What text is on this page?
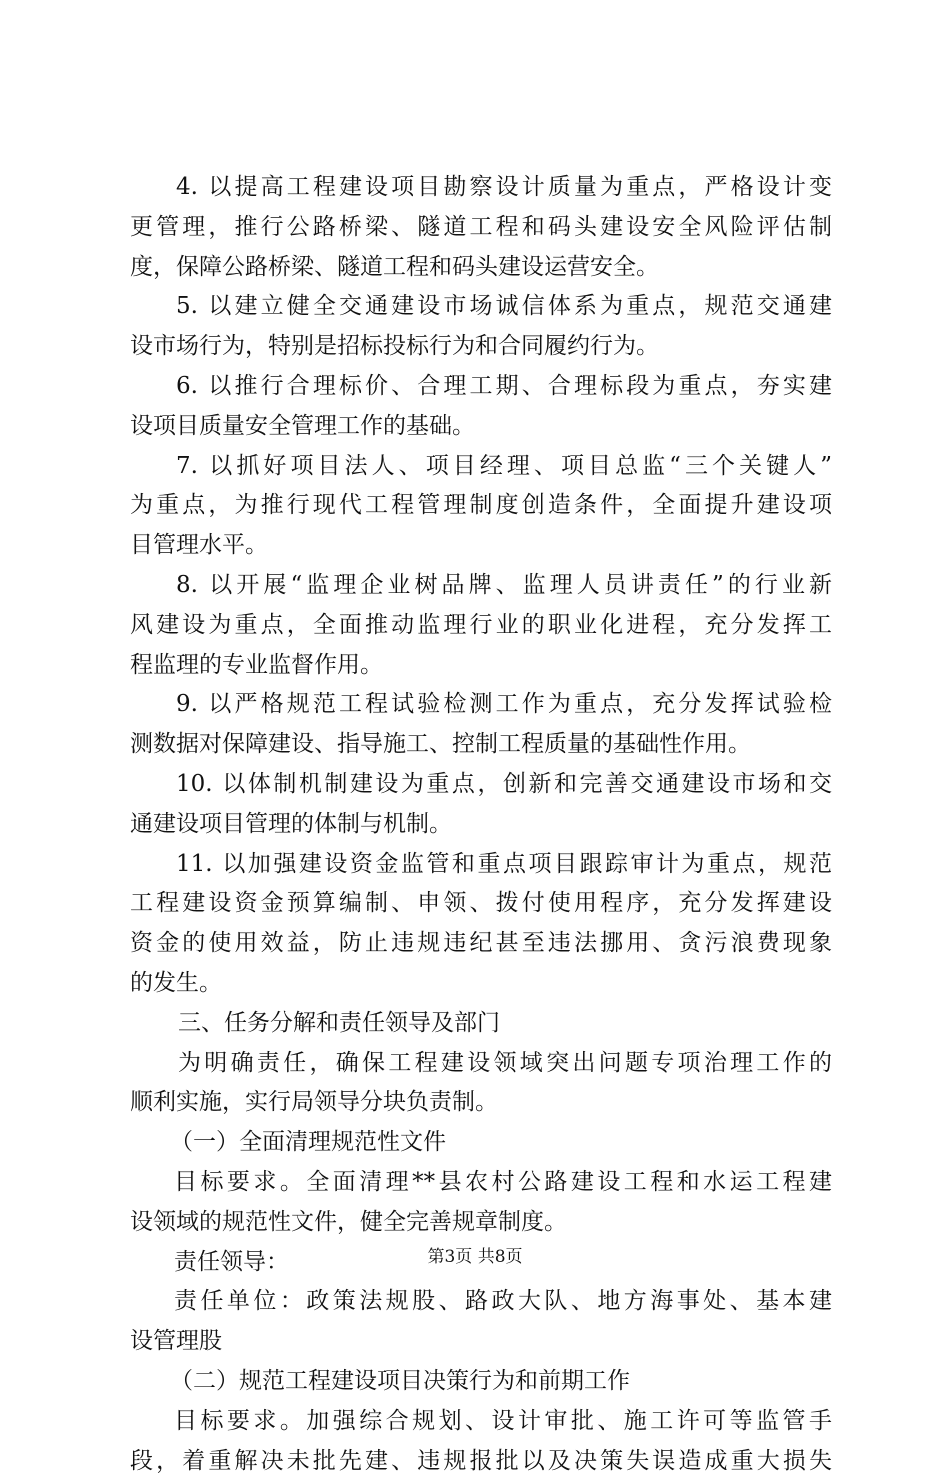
4. 以提高工程建设项目勘察设计质量为重点，严格设计变
更管理，推行公路桥梁、隧道工程和码头建设安全风险评估制
度，保障公路桥梁、隧道工程和码头建设运营安全。
5. 以建立健全交通建设市场诚信体系为重点，规范交通建
设市场行为，特别是招标投标行为和合同履约行为。
6. 以推行合理标价、合理工期、合理标段为重点，夯实建
设项目质量安全管理工作的基础。
7. 以抓好项目法人、项目经理、项目总监“三个关键人”
为重点，为推行现代工程管理制度创造条件，全面提升建设项
目管理水平。
8. 以开展“监理企业树品牌、监理人员讲责任”的行业新
风建设为重点，全面推动监理行业的职业化进程，充分发挥工
程监理的专业监督作用。
9. 以严格规范工程试验检测工作为重点，充分发挥试验检
测数据对保障建设、指导施工、控制工程质量的基础性作用。
10. 以体制机制建设为重点，创新和完善交通建设市场和交
通建设项目管理的体制与机制。
11. 以加强建设资金监管和重点项目跟踪审计为重点，规范
工程建设资金预算编制、申领、拨付使用程序，充分发挥建设
资金的使用效益，防止违规违纪甚至违法挪用、贪污浪费现象
的发生。
三、任务分解和责任领导及部门
为明确责任，确保工程建设领域突出问题专项治理工作的
顺利实施，实行局领导分块负责制。
（一）全面清理规范性文件
目标要求。全面清理**县农村公路建设工程和水运工程建
设领域的规范性文件，健全完善规章制度。
责任领导：
责任单位：政策法规股、路政大队、地方海事处、基本建
设管理股
（二）规范工程建设项目决策行为和前期工作
目标要求。加强综合规划、设计审批、施工许可等监管手
段，着重解决未批先建、违规报批以及决策失误造成重大损失
第3页 共8页
